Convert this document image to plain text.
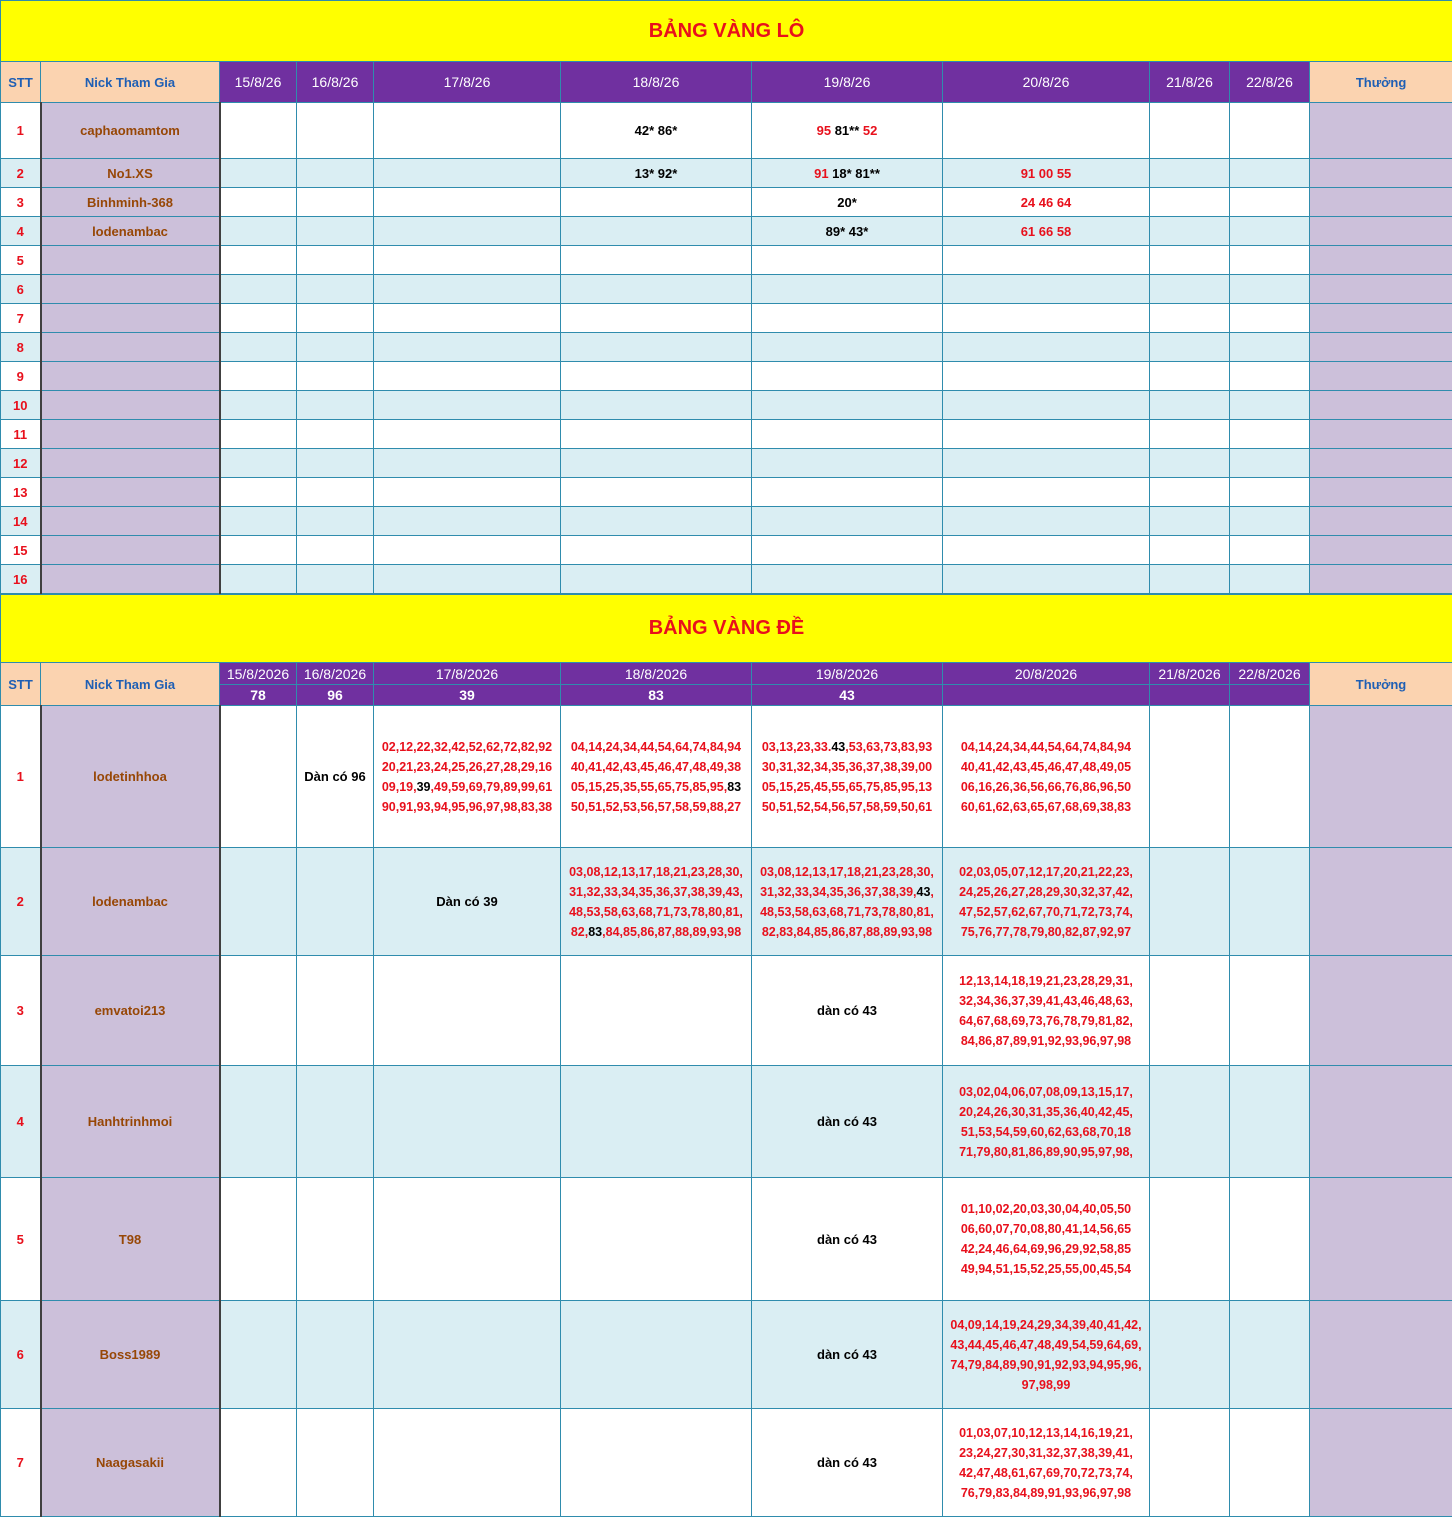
BẢNG VÀNG LÔ										
STT	Nick Tham Gia	15/8/26	16/8/26	17/8/26	18/8/26	19/8/26	20/8/26	21/8/26	22/8/26	Thưởng
1	caphaomamtom				42* 86*	95 81** 52				
2	No1.XS				13* 92*	91 18* 81**	91 00 55			
3	Binhminh-368					20*	24 46 64			
4	lodenambac					89* 43*	61 66 58			
5										
6										
7										
8										
9										
10										
11										
12										
13										
14										
15										
16										
BẢNG VÀNG ĐỀ										
STT	Nick Tham Gia	15/8/2026	16/8/2026	17/8/2026	18/8/2026	19/8/2026	20/8/2026	21/8/2026	22/8/2026	Thưởng
		78	96	39	83	43				
1	lodetinhhoa		Dàn có 96	02,12,22,32,42,52,62,72,82,92
20,21,23,24,25,26,27,28,29,16
09,19,39,49,59,69,79,89,99,61
90,91,93,94,95,96,97,98,83,38	04,14,24,34,44,54,64,74,84,94
40,41,42,43,45,46,47,48,49,38
05,15,25,35,55,65,75,85,95,83
50,51,52,53,56,57,58,59,88,27	03,13,23,33.43,53,63,73,83,93
30,31,32,34,35,36,37,38,39,00
05,15,25,45,55,65,75,85,95,13
50,51,52,54,56,57,58,59,50,61	04,14,24,34,44,54,64,74,84,94
40,41,42,43,45,46,47,48,49,05
06,16,26,36,56,66,76,86,96,50
60,61,62,63,65,67,68,69,38,83			
2	lodenambac			Dàn có 39	03,08,12,13,17,18,21,23,28,30,
31,32,33,34,35,36,37,38,39,43,
48,53,58,63,68,71,73,78,80,81,
82,83,84,85,86,87,88,89,93,98	03,08,12,13,17,18,21,23,28,30,
31,32,33,34,35,36,37,38,39,43,
48,53,58,63,68,71,73,78,80,81,
82,83,84,85,86,87,88,89,93,98	02,03,05,07,12,17,20,21,22,23,
24,25,26,27,28,29,30,32,37,42,
47,52,57,62,67,70,71,72,73,74,
75,76,77,78,79,80,82,87,92,97			
3	emvatoi213					dàn có 43	12,13,14,18,19,21,23,28,29,31,
32,34,36,37,39,41,43,46,48,63,
64,67,68,69,73,76,78,79,81,82,
84,86,87,89,91,92,93,96,97,98			
4	Hanhtrinhmoi					dàn có 43	03,02,04,06,07,08,09,13,15,17,
20,24,26,30,31,35,36,40,42,45,
51,53,54,59,60,62,63,68,70,18
71,79,80,81,86,89,90,95,97,98,			
5	T98					dàn có 43	01,10,02,20,03,30,04,40,05,50
06,60,07,70,08,80,41,14,56,65
42,24,46,64,69,96,29,92,58,85
49,94,51,15,52,25,55,00,45,54			
6	Boss1989					dàn có 43	04,09,14,19,24,29,34,39,40,41,42,
43,44,45,46,47,48,49,54,59,64,69,
74,79,84,89,90,91,92,93,94,95,96,
97,98,99			
7	Naagasakii					dàn có 43	01,03,07,10,12,13,14,16,19,21,
23,24,27,30,31,32,37,38,39,41,
42,47,48,61,67,69,70,72,73,74,
76,79,83,84,89,91,93,96,97,98			
